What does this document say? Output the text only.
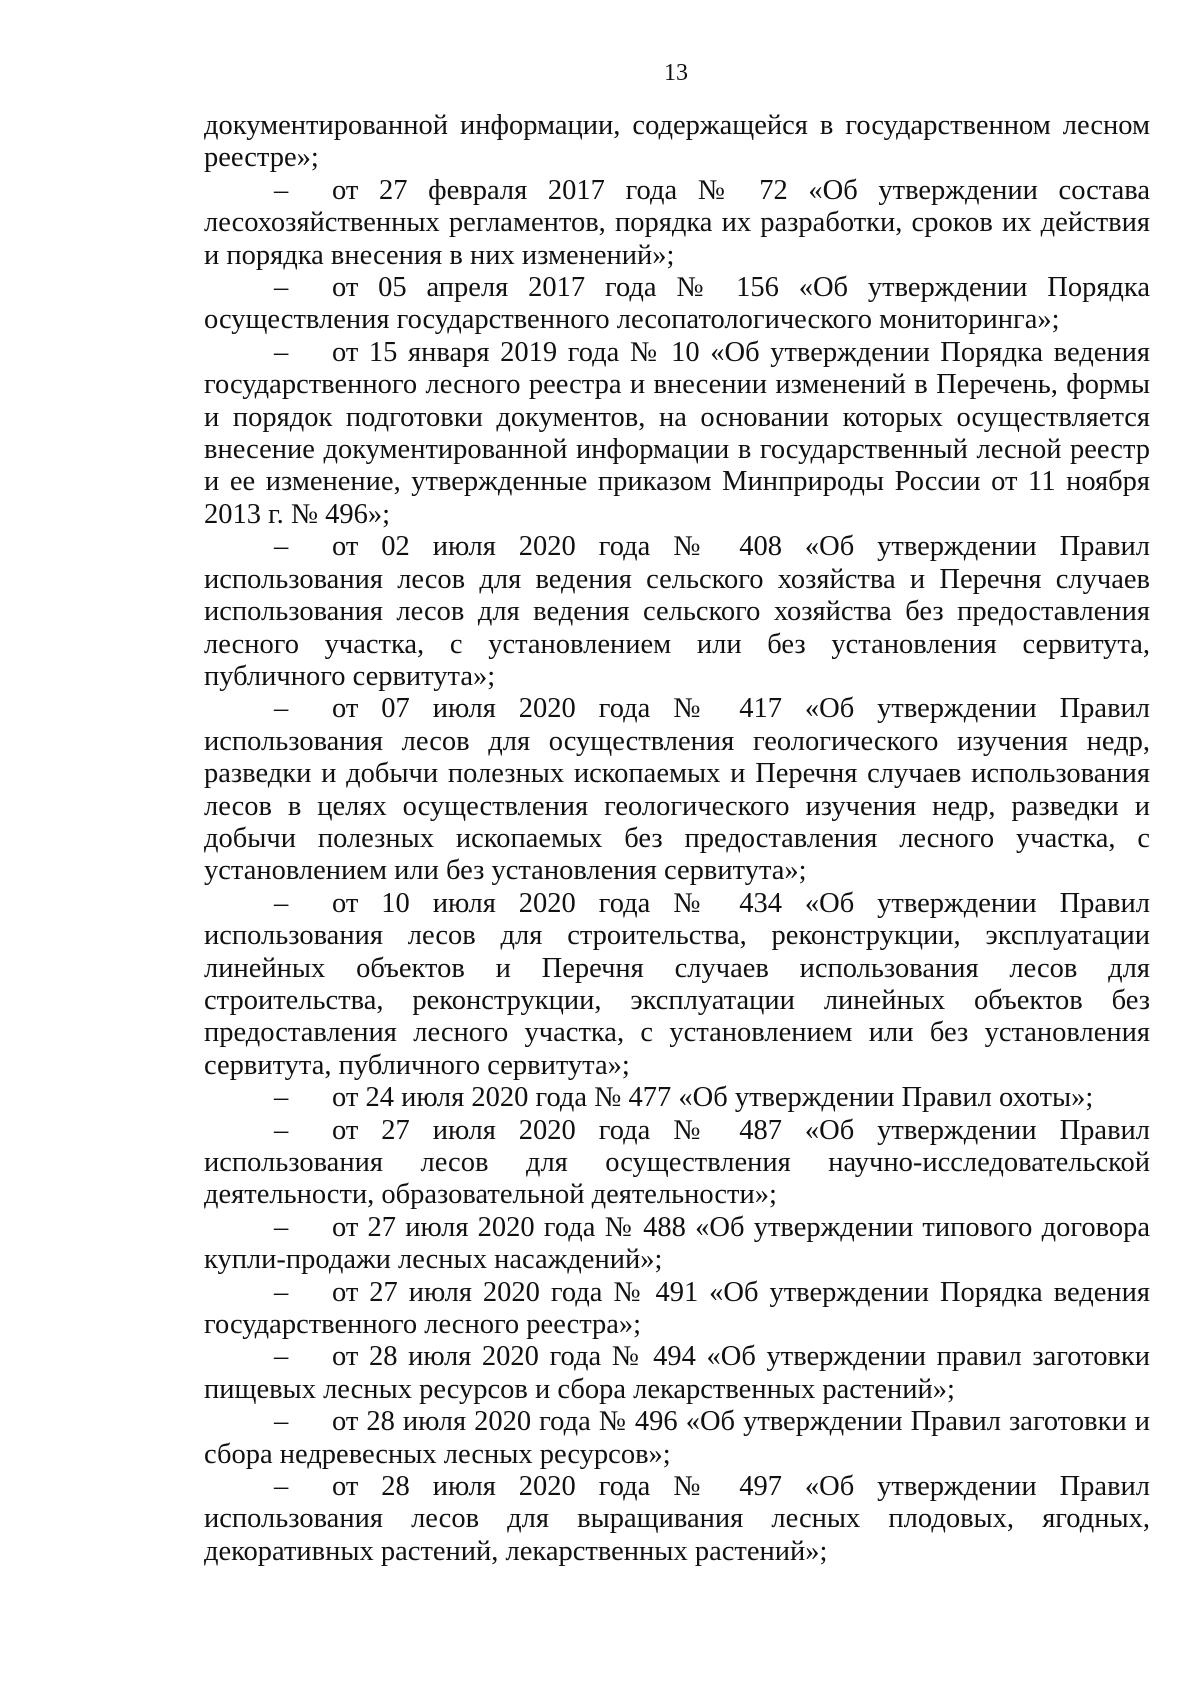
13

документированной информации, содержащейся в государственном лесном реестре»;

– от 27 февраля 2017 года № 72 «Об утверждении состава лесохозяйственных регламентов, порядка их разработки, сроков их действия и порядка внесения в них изменений»;

– от 05 апреля 2017 года № 156 «Об утверждении Порядка осуществления государственного лесопатологического мониторинга»;

– от 15 января 2019 года № 10 «Об утверждении Порядка ведения государственного лесного реестра и внесении изменений в Перечень, формы и порядок подготовки документов, на основании которых осуществляется внесение документированной информации в государственный лесной реестр и ее изменение, утвержденные приказом Минприроды России от 11 ноября 2013 г. № 496»;

– от 02 июля 2020 года № 408 «Об утверждении Правил использования лесов для ведения сельского хозяйства и Перечня случаев использования лесов для ведения сельского хозяйства без предоставления лесного участка, с установлением или без установления сервитута, публичного сервитута»;

– от 07 июля 2020 года № 417 «Об утверждении Правил использования лесов для осуществления геологического изучения недр, разведки и добычи полезных ископаемых и Перечня случаев использования лесов в целях осуществления геологического изучения недр, разведки и добычи полезных ископаемых без предоставления лесного участка, с установлением или без установления сервитута»;

– от 10 июля 2020 года № 434 «Об утверждении Правил использования лесов для строительства, реконструкции, эксплуатации линейных объектов и Перечня случаев использования лесов для строительства, реконструкции, эксплуатации линейных объектов без предоставления лесного участка, с установлением или без установления сервитута, публичного сервитута»;

– от 24 июля 2020 года № 477 «Об утверждении Правил охоты»;

– от 27 июля 2020 года № 487 «Об утверждении Правил использования лесов для осуществления научно-исследовательской деятельности, образовательной деятельности»;

– от 27 июля 2020 года № 488 «Об утверждении типового договора купли-продажи лесных насаждений»;

– от 27 июля 2020 года № 491 «Об утверждении Порядка ведения государственного лесного реестра»;

– от 28 июля 2020 года № 494 «Об утверждении правил заготовки пищевых лесных ресурсов и сбора лекарственных растений»;

– от 28 июля 2020 года № 496 «Об утверждении Правил заготовки и сбора недревесных лесных ресурсов»;

– от 28 июля 2020 года № 497 «Об утверждении Правил использования лесов для выращивания лесных плодовых, ягодных, декоративных растений, лекарственных растений»;
